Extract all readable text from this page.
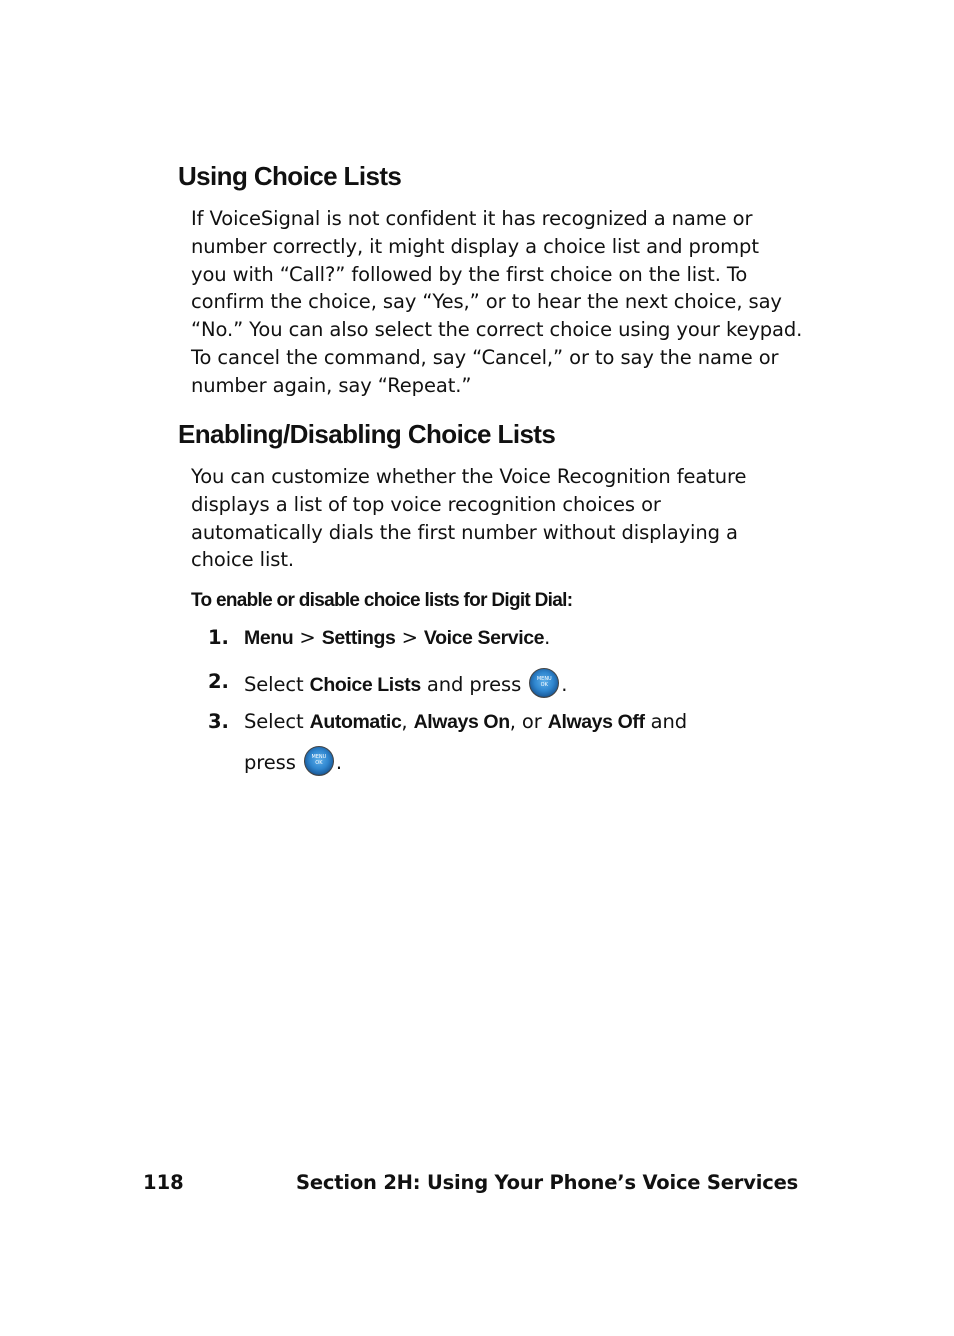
Using Choice Lists

If VoiceSignal is not confident it has recognized a name or
number correctly, it might display a choice list and prompt
you with “Call?” followed by the first choice on the list. To
confirm the choice, say “Yes,” or to hear the next choice, say
“No.” You can also select the correct choice using your keypad.
To cancel the command, say “Cancel,” or to say the name or
number again, say “Repeat.”

Enabling/Disabling Choice Lists

You can customize whether the Voice Recognition feature
displays a list of top voice recognition choices or
automatically dials the first number without displaying a
choice list.

To enable or disable choice lists for Digit Dial:

1. Menu > Settings > Voice Service.
2. Select Choice Lists and press	MENU
OK .
3. Select Automatic, Always On, or Always Off and
press	MENU
OK .
118	Section 2H: Using Your Phone’s Voice Services
